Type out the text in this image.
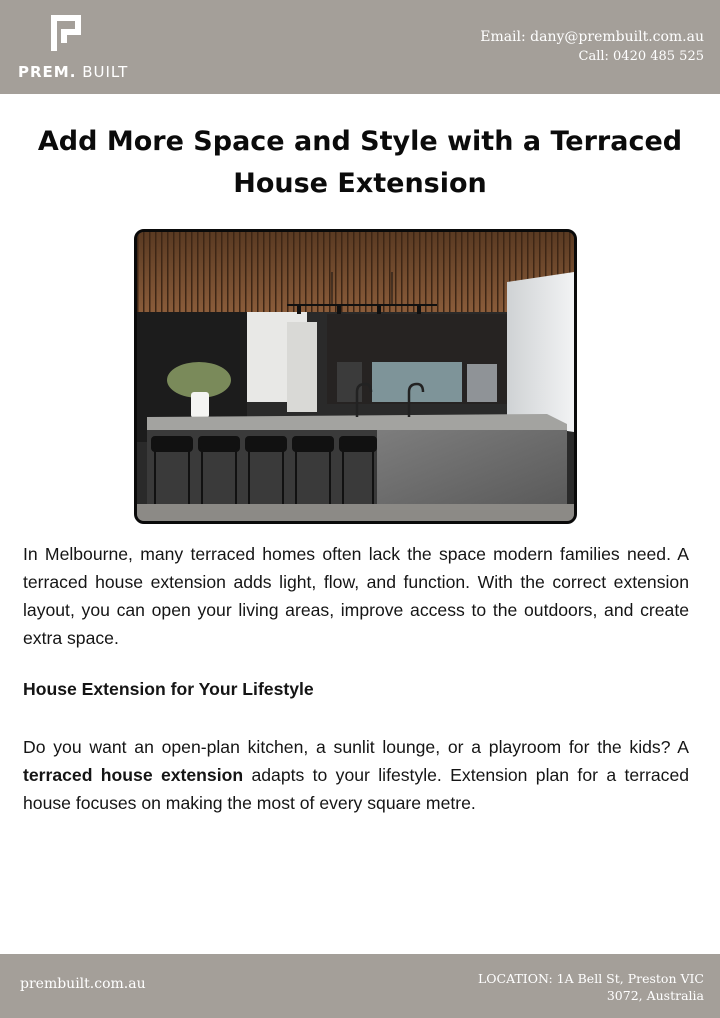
PREM. BUILT
Email: dany@prembuilt.com.au
Call: 0420 485 525
Add More Space and Style with a Terraced
House Extension

In Melbourne, many terraced homes often lack the space modern families need. A terraced house extension adds light, flow, and function. With the correct extension layout, you can open your living areas, improve access to the outdoors, and create extra space.

House Extension for Your Lifestyle

Do you want an open-plan kitchen, a sunlit lounge, or a playroom for the kids? A terraced house extension adapts to your lifestyle. Extension plan for a terraced house focuses on making the most of every square metre.

prembuilt.com.au	LOCATION: 1A Bell St, Preston VIC
3072, Australia
